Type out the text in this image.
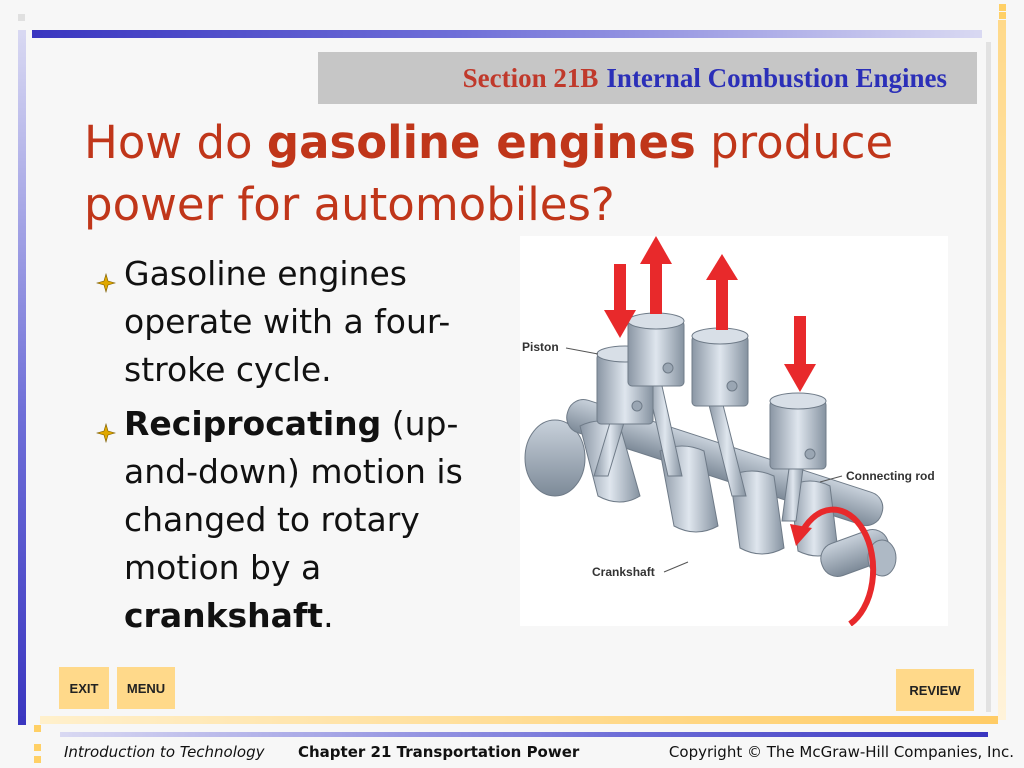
Section 21B Internal Combustion Engines
How do gasoline engines produce power for automobiles?
Gasoline engines operate with a four-stroke cycle.
Reciprocating (up-and-down) motion is changed to rotary motion by a crankshaft.
Piston
Connecting rod
Crankshaft
EXIT	MENU	REVIEW
Introduction to Technology Chapter 21 Transportation Power	Copyright © The McGraw-Hill Companies, Inc.
